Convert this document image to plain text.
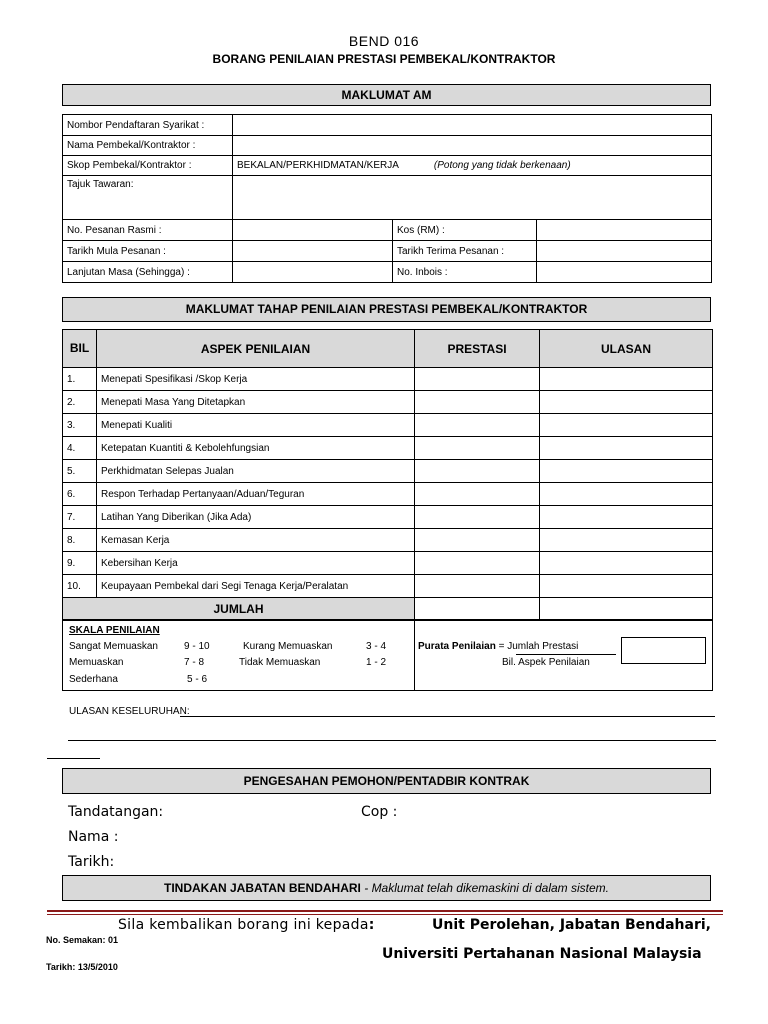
BEND 016
BORANG PENILAIAN PRESTASI PEMBEKAL/KONTRAKTOR
MAKLUMAT AM
Nombor Pendaftaran Syarikat :			
Nama Pembekal/Kontraktor :			
Skop Pembekal/Kontraktor :	BEKALAN/PERKHIDMATAN/KERJA (Potong yang tidak berkenaan)		
Tajuk Tawaran:			
No. Pesanan Rasmi :		Kos (RM) :	
Tarikh Mula Pesanan :		Tarikh Terima Pesanan :	
Lanjutan Masa (Sehingga) :		No. Inbois :	
MAKLUMAT TAHAP PENILAIAN PRESTASI PEMBEKAL/KONTRAKTOR
BIL	ASPEK PENILAIAN	PRESTASI	ULASAN
1.	Menepati Spesifikasi /Skop Kerja		
2.	Menepati Masa Yang Ditetapkan		
3.	Menepati Kualiti		
4.	Ketepatan Kuantiti & Kebolehfungsian		
5.	Perkhidmatan Selepas Jualan		
6.	Respon Terhadap Pertanyaan/Aduan/Teguran		
7.	Latihan Yang Diberikan (Jika Ada)		
8.	Kemasan Kerja		
9.	Kebersihan Kerja		
10.	Keupayaan Pembekal dari Segi Tenaga Kerja/Peralatan		
JUMLAH			
SKALA PENILAIAN
Sangat Memuaskan	9 - 10	Kurang Memuaskan	3 - 4
Memuaskan	7 - 8	Tidak Memuaskan	1 - 2
Sederhana	5 - 6
Purata Penilaian = Jumlah Prestasi
Bil. Aspek Penilaian
ULASAN KESELURUHAN:
PENGESAHAN PEMOHON/PENTADBIR KONTRAK
Tandatangan:	Cop :
Nama :
Tarikh:
TINDAKAN JABATAN BENDAHARI - Maklumat telah dikemaskini di dalam sistem.
Sila kembalikan borang ini kepada:	Unit Perolehan, Jabatan Bendahari,
Universiti Pertahanan Nasional Malaysia
No. Semakan: 01
Tarikh: 13/5/2010
